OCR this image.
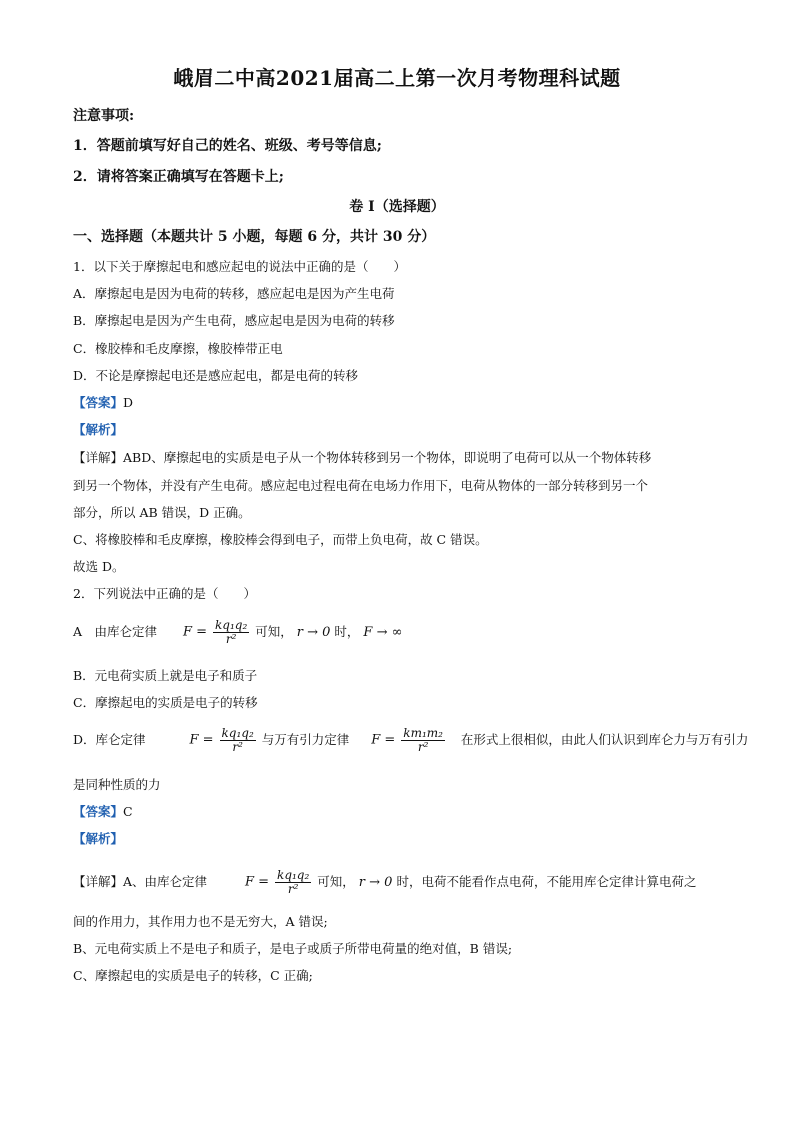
峨眉二中高2021届高二上第一次月考物理科试题
注意事项:
1．答题前填写好自己的姓名、班级、考号等信息;
2．请将答案正确填写在答题卡上;
卷 I（选择题）
一、选择题（本题共计 5 小题，每题 6 分，共计 30 分）
1．以下关于摩擦起电和感应起电的说法中正确的是（　　）
A．摩擦起电是因为电荷的转移，感应起电是因为产生电荷
B．摩擦起电是因为产生电荷，感应起电是因为电荷的转移
C．橡胶棒和毛皮摩擦，橡胶棒带正电
D．不论是摩擦起电还是感应起电，都是电荷的转移
【答案】D
【解析】
【详解】ABD、摩擦起电的实质是电子从一个物体转移到另一个物体，即说明了电荷可以从一个物体转移
到另一个物体，并没有产生电荷。感应起电过程电荷在电场力作用下，电荷从物体的一部分转移到另一个
部分，所以 AB 错误，D 正确。
C、将橡胶棒和毛皮摩擦，橡胶棒会得到电子，而带上负电荷，故 C 错误。
故选 D。
2．下列说法中正确的是（　　）
A　由库仑定律 $F = \frac{\text{kq₁q₂}}{\text{r²}}$ 可知， r → 0 时， F → ∞
B．元电荷实质上就是电子和质子
C．摩擦起电的实质是电子的转移
D．库仑定律	$F = \frac{\text{kq₁q₂}}{\text{r²}}$ 与万有引力定律 $F = \frac{\text{km₁m₂}}{\text{r²}}$ 在形式上很相似，由此人们认识到库仑力与万有引力
是同种性质的力
【答案】C
【解析】
【详解】A、由库仑定律	$F = \frac{\text{kq₁q₂}}{\text{r²}}$ 可知， r → 0 时，电荷不能看作点电荷，不能用库仑定律计算电荷之
间的作用力，其作用力也不是无穷大，A 错误;
B、元电荷实质上不是电子和质子，是电子或质子所带电荷量的绝对值，B 错误;
C、摩擦起电的实质是电子的转移，C 正确;
